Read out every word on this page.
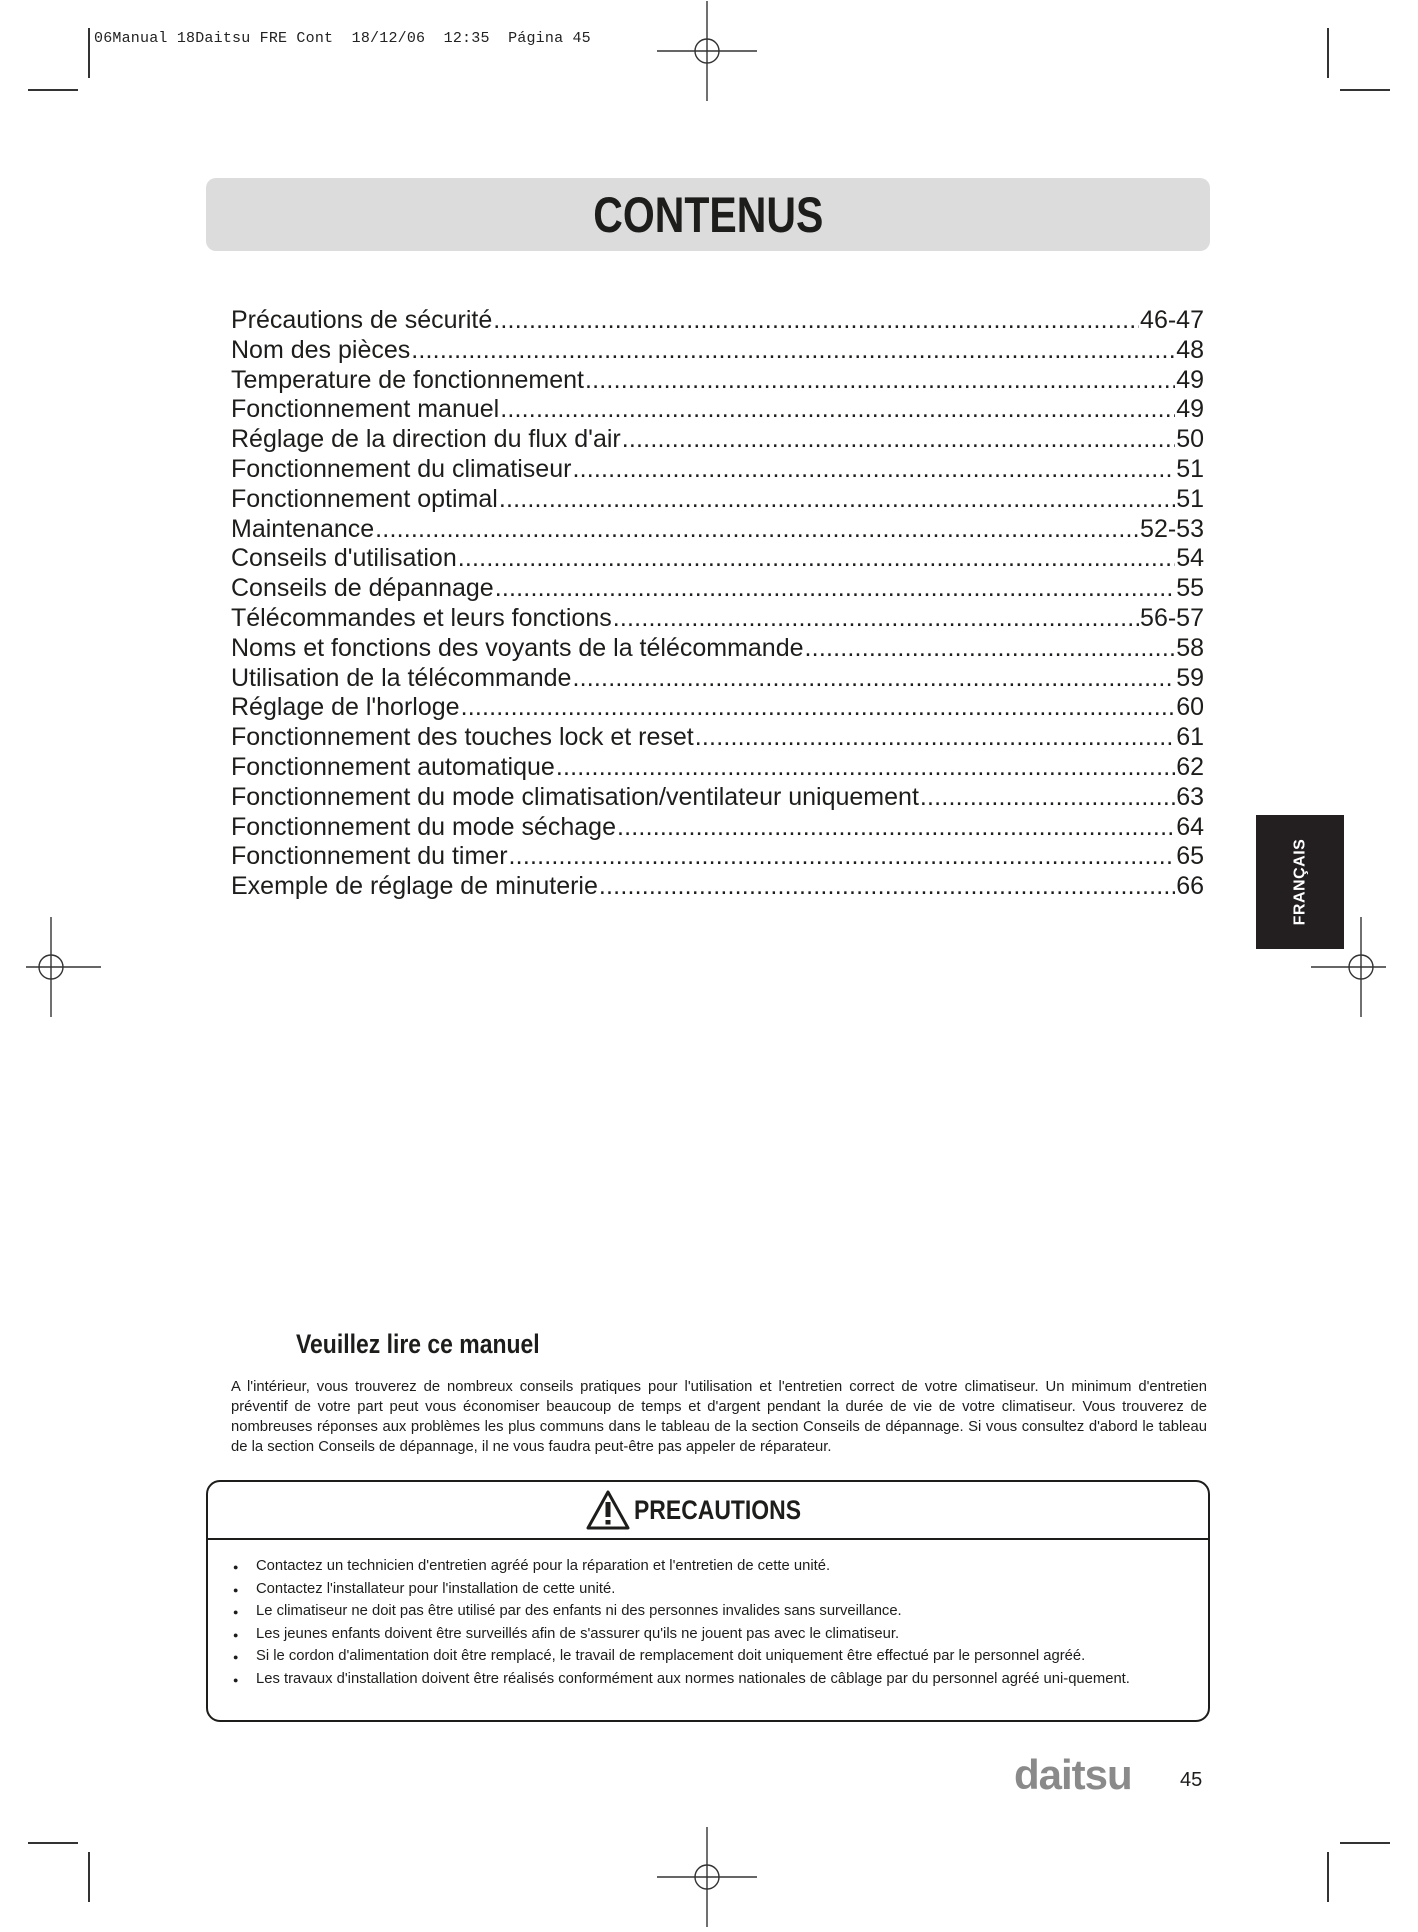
06Manual 18Daitsu FRE Cont  18/12/06  12:35  Página 45
CONTENUS
Précautions de sécurité .....	46-47
Nom des pièces .....	48
Temperature de fonctionnement .....	49
Fonctionnement manuel .....	49
Réglage de la direction du flux d'air .....	50
Fonctionnement du climatiseur .....	51
Fonctionnement optimal .....	51
Maintenance .....	52-53
Conseils d'utilisation .....	54
Conseils de dépannage .....	55
Télécommandes et leurs fonctions .....	56-57
Noms et fonctions des voyants de la télécommande .....	58
Utilisation de la télécommande .....	59
Réglage de l'horloge .....	60
Fonctionnement des touches lock et reset .....	61
Fonctionnement automatique .....	62
Fonctionnement du mode climatisation/ventilateur uniquement .....	63
Fonctionnement du mode séchage .....	64
Fonctionnement du timer .....	65
Exemple de réglage de minuterie .....	66	FRANÇAIS
Veuillez lire ce manuel
A l'intérieur, vous trouverez de nombreux conseils pratiques pour l'utilisation et l'entretien correct de votre climatiseur. Un minimum d'entretien préventif de votre part peut vous économiser beaucoup de temps et d'argent pendant la durée de vie de votre climatiseur. Vous trouverez de nombreuses réponses aux problèmes les plus communs dans le tableau de la section Conseils de dépannage. Si vous consultez d'abord le tableau de la section Conseils de dépannage, il ne vous faudra peut-être pas appeler de réparateur.
PRECAUTIONS
● Contactez un technicien d'entretien agréé pour la réparation et l'entretien de cette unité.
● Contactez l'installateur pour l'installation de cette unité.
● Le climatiseur ne doit pas être utilisé par des enfants ni des personnes invalides sans surveillance.
● Les jeunes enfants doivent être surveillés afin de s'assurer qu'ils ne jouent pas avec le climatiseur.
● Si le cordon d'alimentation doit être remplacé, le travail de remplacement doit uniquement être effectué par le personnel agréé.
● Les travaux d'installation doivent être réalisés conformément aux normes nationales de câblage par du personnel agréé uni-quement.
daitsu 45
